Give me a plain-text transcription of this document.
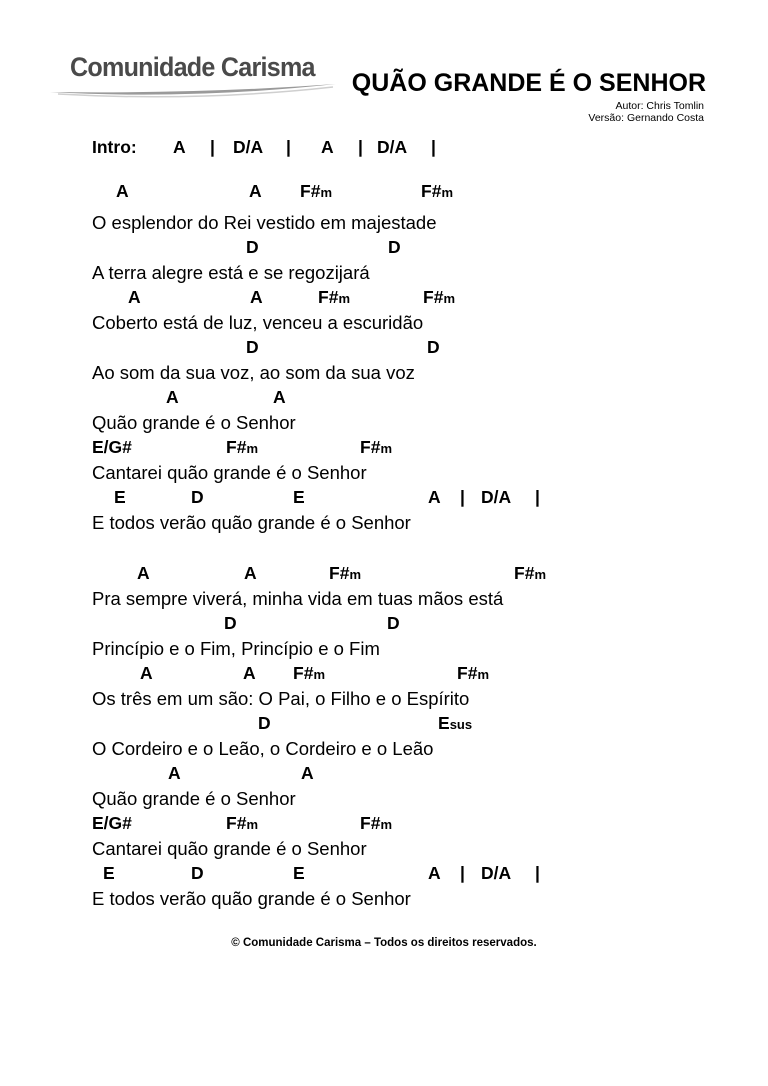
Comunidade Carisma
QUÃO GRANDE É O SENHOR
Autor: Chris Tomlin
Versão: Gernando Costa
Intro: A | D/A | A | D/A |

A

	A

F#m

	F#m

O esplendor do Rei vestido em majestade

D

	D

A terra alegre está e se regozijará

A

	A

	F#m

	F#m

Coberto está de luz, venceu a escuridão

D

	D

Ao som da sua voz, ao som da sua voz

A

	A

Quão grande é o Senhor

E/G#

	F#m

	F#m

Cantarei quão grande é o Senhor

E

	D

	E

	A

|

D/A

|

E todos verão quão grande é o Senhor

A

	A

	F#m

	F#m

Pra sempre viverá, minha vida em tuas mãos está

D

	D

Princípio e o Fim, Princípio e o Fim

A

	A

F#m

	F#m

Os três em um são: O Pai, o Filho e o Espírito

D

	Esus

O Cordeiro e o Leão, o Cordeiro e o Leão

A

	A

Quão grande é o Senhor

E/G#

	F#m

	F#m

Cantarei quão grande é o Senhor

E

	D

	E

	A

|

D/A

|

E todos verão quão grande é o Senhor
© Comunidade Carisma – Todos os direitos reservados.
